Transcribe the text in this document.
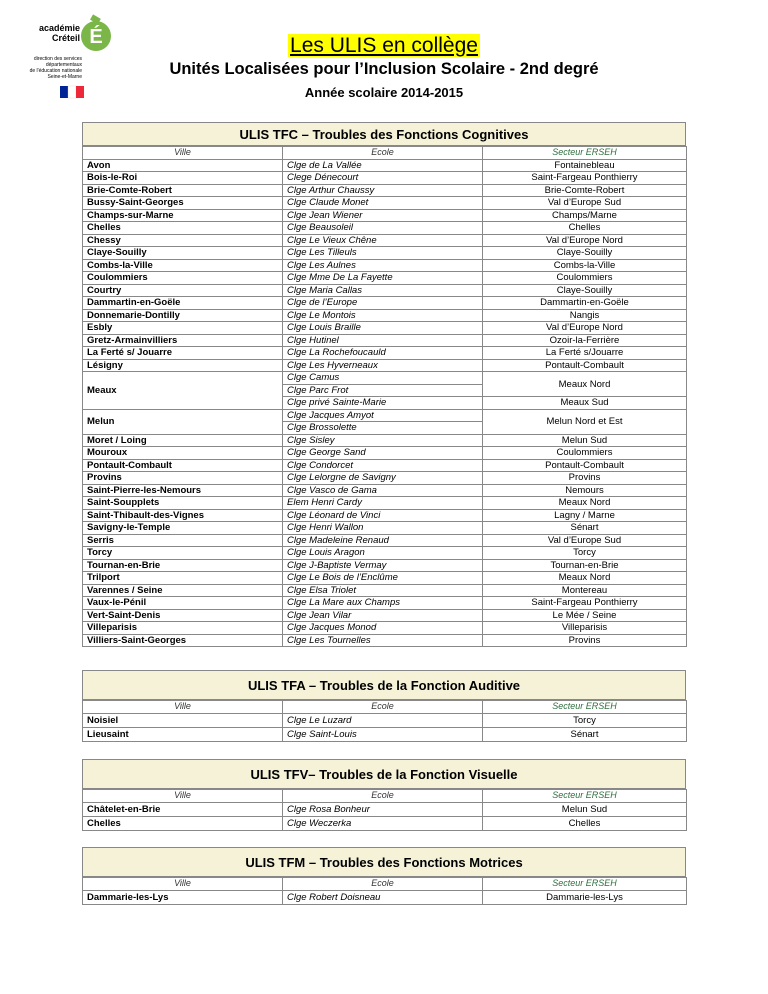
É
académie
Créteil
direction des services
départementaux
de l'éducation nationale
Seine-et-Marne
Les ULIS en collège
Unités Localisées pour l’Inclusion Scolaire - 2nd degré
Année scolaire 2014-2015
ULIS TFC – Troubles des Fonctions Cognitives
Ville	Ecole	Secteur ERSEH
Avon	Clge de La Vallée	Fontainebleau
Bois-le-Roi	Clege Dénecourt	Saint-Fargeau Ponthierry
Brie-Comte-Robert	Clge Arthur Chaussy	Brie-Comte-Robert
Bussy-Saint-Georges	Clge Claude Monet	Val d’Europe Sud
Champs-sur-Marne	Clge Jean Wiener	Champs/Marne
Chelles	Clge Beausoleil	Chelles
Chessy	Clge Le Vieux Chêne	Val d’Europe Nord
Claye-Souilly	Clge Les Tilleuls	Claye-Souilly
Combs-la-Ville	Clge Les Aulnes	Combs-la-Ville
Coulommiers	Clge Mme De La Fayette	Coulommiers
Courtry	Clge Maria Callas	Claye-Souilly
Dammartin-en-Goële	Clge de l’Europe	Dammartin-en-Goële
Donnemarie-Dontilly	Clge Le Montois	Nangis
Esbly	Clge Louis Braille	Val d’Europe Nord
Gretz-Armainvilliers	Clge Hutinel	Ozoir-la-Ferrière
La Ferté s/ Jouarre	Clge La Rochefoucauld	La Ferté s/Jouarre
Lésigny	Clge Les Hyverneaux	Pontault-Combault
Meaux	Clge Camus	Meaux Nord
	Clge Parc Frot	
	Clge privé Sainte-Marie	Meaux Sud
Melun	Clge Jacques Amyot	Melun Nord et Est
	Clge Brossolette	
Moret / Loing	Clge Sisley	Melun Sud
Mouroux	Clge George Sand	Coulommiers
Pontault-Combault	Clge Condorcet	Pontault-Combault
Provins	Clge Lelorgne de Savigny	Provins
Saint-Pierre-les-Nemours	Clge Vasco de Gama	Nemours
Saint-Soupplets	Elem Henri Cardy	Meaux Nord
Saint-Thibault-des-Vignes	Clge Léonard de Vinci	Lagny / Marne
Savigny-le-Temple	Clge Henri Wallon	Sénart
Serris	Clge Madeleine Renaud	Val d’Europe Sud
Torcy	Clge Louis Aragon	Torcy
Tournan-en-Brie	Clge J-Baptiste Vermay	Tournan-en-Brie
Trilport	Clge Le Bois de l’Enclûme	Meaux Nord
Varennes / Seine	Clge Elsa Triolet	Montereau
Vaux-le-Pénil	Clge La Mare aux Champs	Saint-Fargeau Ponthierry
Vert-Saint-Denis	Clge Jean Vilar	Le Mée / Seine
Villeparisis	Clge Jacques Monod	Villeparisis
Villiers-Saint-Georges	Clge Les Tournelles	Provins
ULIS TFA – Troubles de la Fonction Auditive
Ville	Ecole	Secteur ERSEH
Noisiel	Clge Le Luzard	Torcy
Lieusaint	Clge Saint-Louis	Sénart
ULIS TFV– Troubles de la Fonction Visuelle
Ville	Ecole	Secteur ERSEH
Châtelet-en-Brie	Clge Rosa Bonheur	Melun Sud
Chelles	Clge Weczerka	Chelles
ULIS TFM – Troubles des Fonctions Motrices
Ville	Ecole	Secteur ERSEH
Dammarie-les-Lys	Clge Robert Doisneau	Dammarie-les-Lys
